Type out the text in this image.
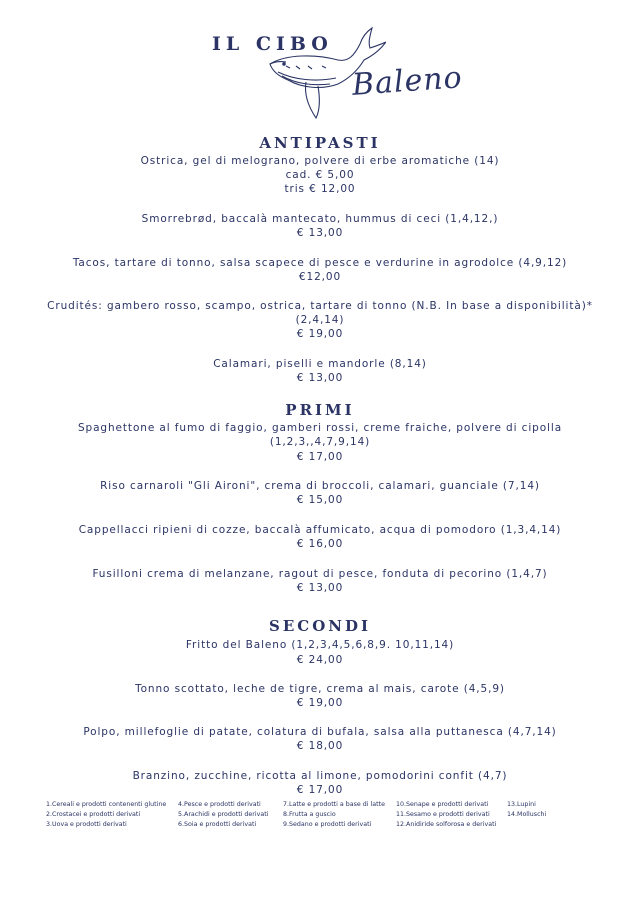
IL CIBO
Baleno
ANTIPASTI
Ostrica, gel di melograno, polvere di erbe aromatiche (14)
cad. € 5,00
tris € 12,00
Smorrebrød, baccalà mantecato, hummus di ceci (1,4,12,)
€ 13,00
Tacos, tartare di tonno, salsa scapece di pesce e verdurine in agrodolce (4,9,12)
€12,00
Crudités: gambero rosso, scampo, ostrica, tartare di tonno (N.B. In base a disponibilità)*
(2,4,14)
€ 19,00
Calamari, piselli e mandorle (8,14)
€ 13,00
PRIMI
Spaghettone al fumo di faggio, gamberi rossi, creme fraiche, polvere di cipolla
(1,2,3,,4,7,9,14)
€ 17,00
Riso carnaroli "Gli Aironi", crema di broccoli, calamari, guanciale (7,14)
€ 15,00
Cappellacci ripieni di cozze, baccalà affumicato, acqua di pomodoro (1,3,4,14)
€ 16,00
Fusilloni crema di melanzane, ragout di pesce, fonduta di pecorino (1,4,7)
€ 13,00
SECONDI
Fritto del Baleno (1,2,3,4,5,6,8,9. 10,11,14)
€ 24,00
Tonno scottato, leche de tigre, crema al mais, carote (4,5,9)
€ 19,00
Polpo, millefoglie di patate, colatura di bufala, salsa alla puttanesca (4,7,14)
€ 18,00
Branzino, zucchine, ricotta al limone, pomodorini confit (4,7)
€ 17,00
1.Cereali e prodotti contenenti glutine	4.Pesce e prodotti derivati	7.Latte e prodotti a base di latte	10.Senape e prodotti derivati	13.Lupini
2.Crostacei e prodotti derivati	5.Arachidi e prodotti derivati	8.Frutta a guscio	11.Sesamo e prodotti derivati	14.Molluschi
3.Uova e prodotti derivati	6.Soia e prodotti derivati	9.Sedano e prodotti derivati	12.Anidiride solforosa e derivati
